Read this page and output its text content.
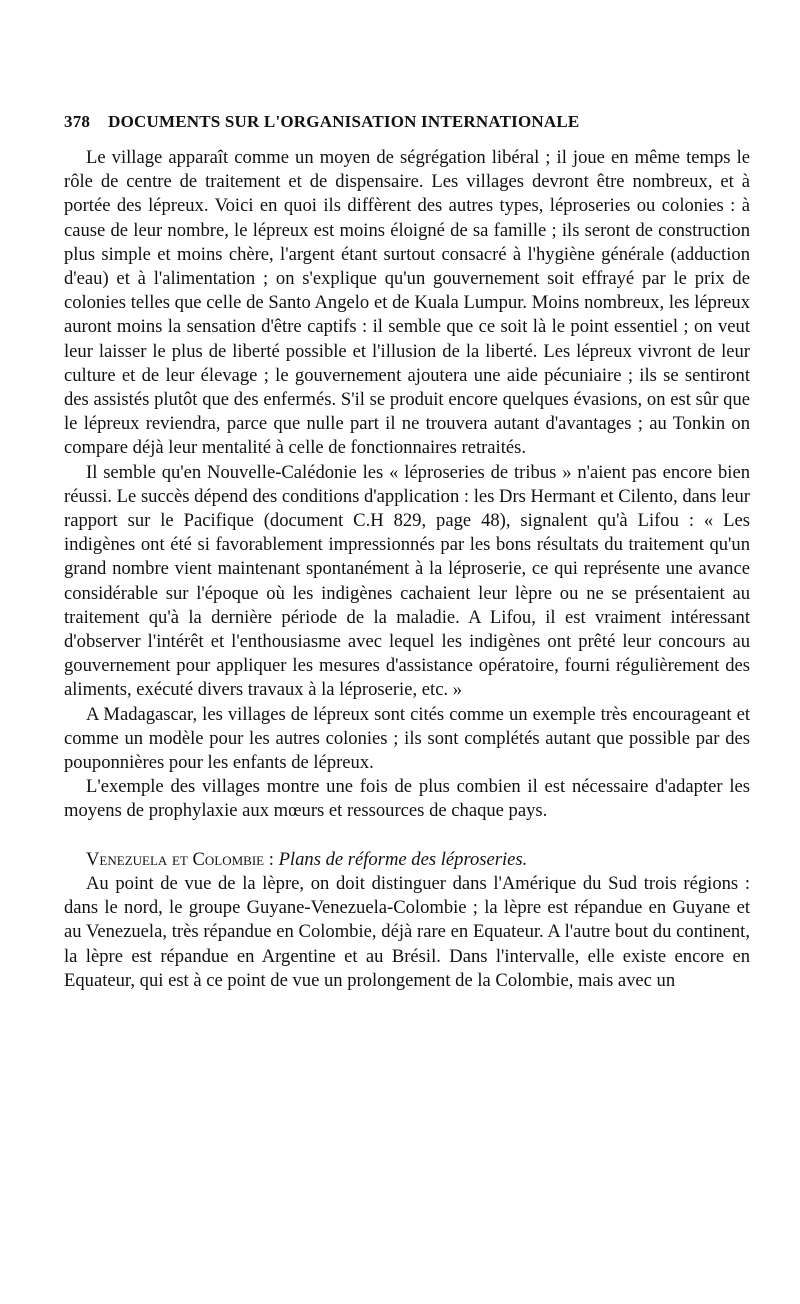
378 DOCUMENTS SUR L'ORGANISATION INTERNATIONALE

Le village apparaît comme un moyen de ségrégation libéral ; il joue en même temps le rôle de centre de traitement et de dispensaire. Les villages devront être nombreux, et à portée des lépreux. Voici en quoi ils diffèrent des autres types, léproseries ou colonies : à cause de leur nombre, le lépreux est moins éloigné de sa famille ; ils seront de construction plus simple et moins chère, l'argent étant surtout consacré à l'hygiène générale (adduction d'eau) et à l'alimentation ; on s'explique qu'un gouvernement soit effrayé par le prix de colonies telles que celle de Santo Angelo et de Kuala Lumpur. Moins nombreux, les lépreux auront moins la sensation d'être captifs : il semble que ce soit là le point essentiel ; on veut leur laisser le plus de liberté possible et l'illusion de la liberté. Les lépreux vivront de leur culture et de leur élevage ; le gouvernement ajoutera une aide pécuniaire ; ils se sentiront des assistés plutôt que des enfermés. S'il se produit encore quelques évasions, on est sûr que le lépreux reviendra, parce que nulle part il ne trouvera autant d'avantages ; au Tonkin on compare déjà leur mentalité à celle de fonctionnaires retraités.

Il semble qu'en Nouvelle-Calédonie les « léproseries de tribus » n'aient pas encore bien réussi. Le succès dépend des conditions d'application : les Drs Hermant et Cilento, dans leur rapport sur le Pacifique (document C.H 829, page 48), signalent qu'à Lifou : « Les indigènes ont été si favorablement impressionnés par les bons résultats du traitement qu'un grand nombre vient maintenant spontanément à la léproserie, ce qui représente une avance considérable sur l'époque où les indigènes cachaient leur lèpre ou ne se présentaient au traitement qu'à la dernière période de la maladie. A Lifou, il est vraiment intéressant d'observer l'intérêt et l'enthousiasme avec lequel les indigènes ont prêté leur concours au gouvernement pour appliquer les mesures d'assistance opératoire, fourni régulièrement des aliments, exécuté divers travaux à la léproserie, etc. »

A Madagascar, les villages de lépreux sont cités comme un exemple très encourageant et comme un modèle pour les autres colonies ; ils sont complétés autant que possible par des pouponnières pour les enfants de lépreux.

L'exemple des villages montre une fois de plus combien il est nécessaire d'adapter les moyens de prophylaxie aux mœurs et ressources de chaque pays.

Venezuela et Colombie : Plans de réforme des léproseries.

Au point de vue de la lèpre, on doit distinguer dans l'Amérique du Sud trois régions : dans le nord, le groupe Guyane-Venezuela-Colombie ; la lèpre est répandue en Guyane et au Venezuela, très répandue en Colombie, déjà rare en Equateur. A l'autre bout du continent, la lèpre est répandue en Argentine et au Brésil. Dans l'intervalle, elle existe encore en Equateur, qui est à ce point de vue un prolongement de la Colombie, mais avec un
